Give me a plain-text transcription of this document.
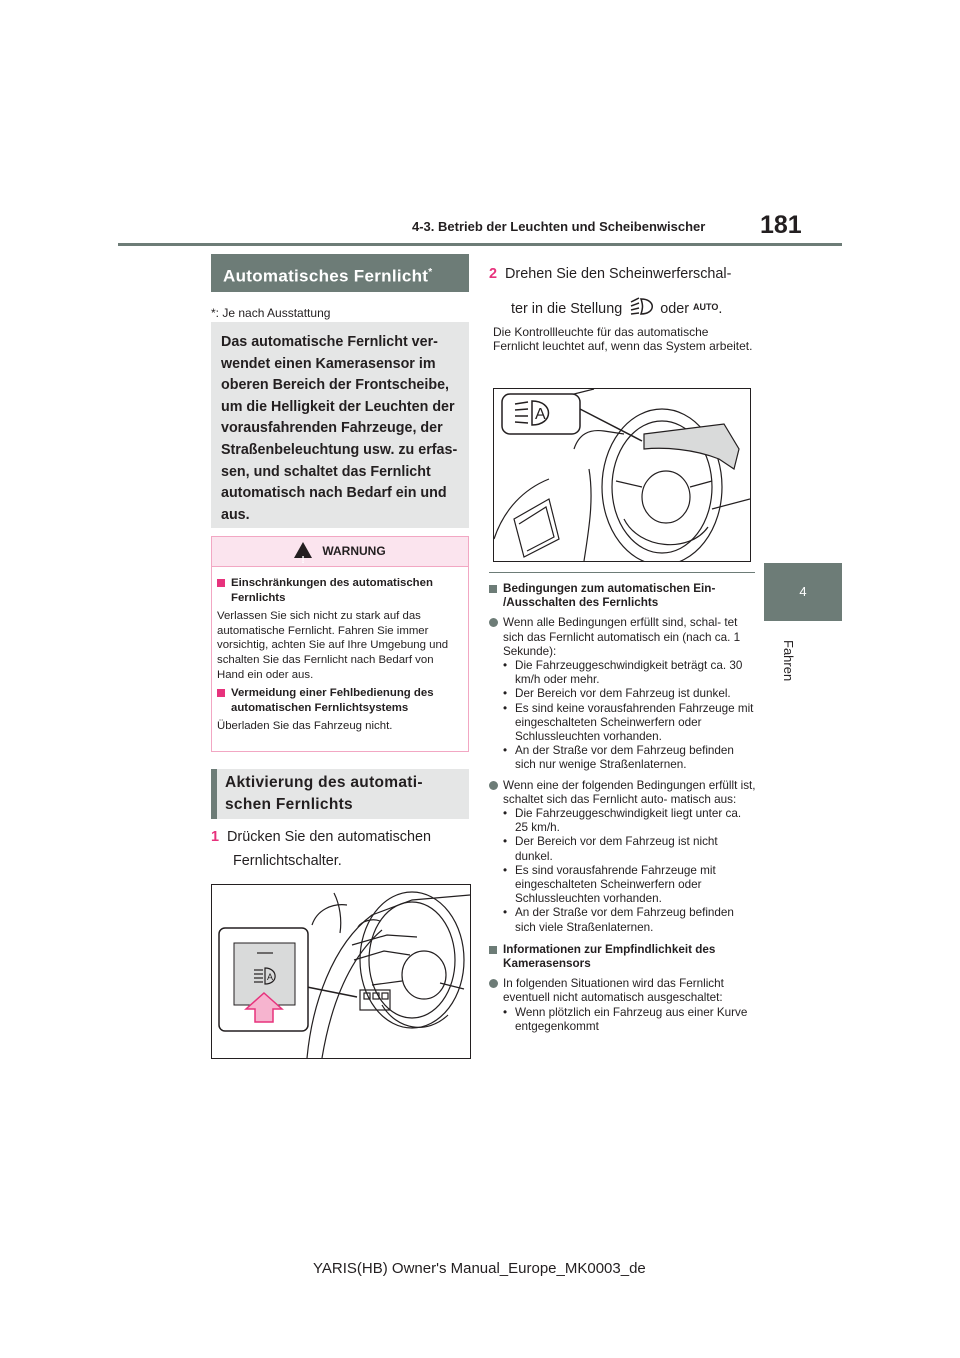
4-3. Betrieb der Leuchten und Scheibenwischer 181
4
Fahren
Automatisches Fernlicht*
*: Je nach Ausstattung
Das automatische Fernlicht ver-
wendet einen Kamerasensor im
oberen Bereich der Frontscheibe,
um die Helligkeit der Leuchten der
vorausfahrenden Fahrzeuge, der
Straßenbeleuchtung usw. zu erfas-
sen, und schaltet das Fernlicht
automatisch nach Bedarf ein und
aus.
!
WARNUNG
Einschränkungen des automatischen Fernlichts
Verlassen Sie sich nicht zu stark auf das automatische Fernlicht. Fahren Sie immer vorsichtig, achten Sie auf Ihre Umgebung und schalten Sie das Fernlicht nach Bedarf von Hand ein oder aus.
Vermeidung einer Fehlbedienung des automatischen Fernlichtsystems
Überladen Sie das Fahrzeug nicht.
Aktivierung des automati-
schen Fernlichts
1 Drücken Sie den automatischen
Fernlichtschalter.
A
2 Drehen Sie den Scheinwerferschal-
ter in die Stellung	oder $^{AUTO}$.
Die Kontrollleuchte für das automatische Fernlicht leuchtet auf, wenn das System arbeitet.
A
Bedingungen zum automatischen Ein- /Ausschalten des Fernlichts
Wenn alle Bedingungen erfüllt sind, schal- tet sich das Fernlicht automatisch ein (nach ca. 1 Sekunde):
• Die Fahrzeuggeschwindigkeit beträgt ca. 30 km/h oder mehr.
• Der Bereich vor dem Fahrzeug ist dunkel.
• Es sind keine vorausfahrenden Fahrzeuge mit eingeschalteten Scheinwerfern oder Schlussleuchten vorhanden.
• An der Straße vor dem Fahrzeug befinden sich nur wenige Straßenlaternen.
Wenn eine der folgenden Bedingungen erfüllt ist, schaltet sich das Fernlicht auto- matisch aus:
• Die Fahrzeuggeschwindigkeit liegt unter ca. 25 km/h.
• Der Bereich vor dem Fahrzeug ist nicht dunkel.
• Es sind vorausfahrende Fahrzeuge mit eingeschalteten Scheinwerfern oder Schlussleuchten vorhanden.
• An der Straße vor dem Fahrzeug befinden sich viele Straßenlaternen.
Informationen zur Empfindlichkeit des Kamerasensors
In folgenden Situationen wird das Fernlicht eventuell nicht automatisch ausgeschaltet:
• Wenn plötzlich ein Fahrzeug aus einer Kurve entgegenkommt
YARIS(HB) Owner's Manual_Europe_MK0003_de
